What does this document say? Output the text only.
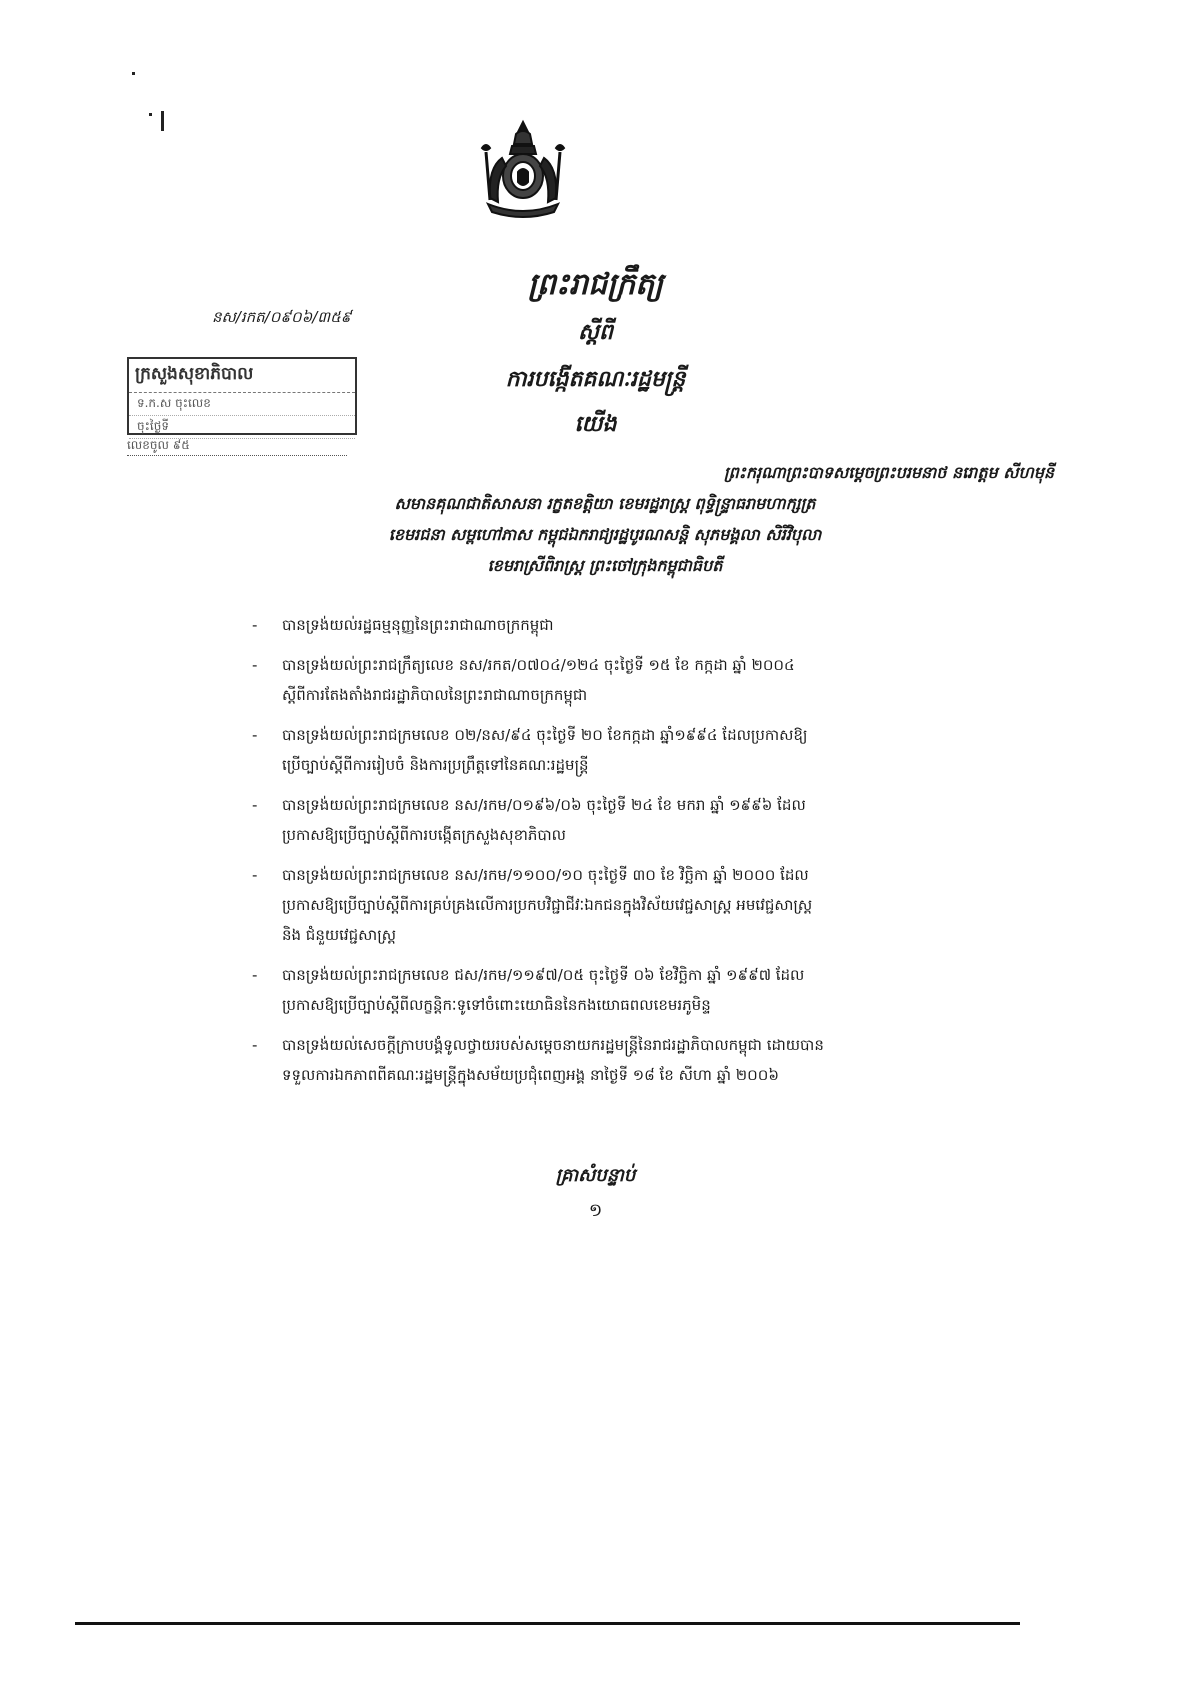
ព្រះរាជក្រឹត្យ
ស្តីពី
ការបង្កើតគណៈរដ្ឋមន្ត្រី
យើង
នស/រកត/០៩០៦/៣៥៩
ក្រសួងសុខាភិបាល
ទ.ក.ស ចុះលេខ
ចុះថ្ងៃទី
លេខចូល ៩៥
ព្រះករុណាព្រះបាទសម្តេចព្រះបរមនាថ នរោត្តម សីហមុនី
សមានគុណជាតិសាសនា រក្ខតខត្តិយា ខេមរដ្ឋរាស្ត្រ ពុទ្ធិន្ទ្រាធរាមហាក្សត្រ
ខេមរជនា សម្ពហៅភាស កម្ពុជឯករាជ្យរដ្ឋបូរណសន្តិ សុភមង្គលា សិរីវិបុលា
ខេមរាស្រីពិរាស្ត្រ ព្រះចៅក្រុងកម្ពុជាធិបតី
- បានទ្រង់យល់រដ្ឋធម្មនុញ្ញនៃព្រះរាជាណាចក្រកម្ពុជា
- បានទ្រង់យល់ព្រះរាជក្រឹត្យលេខ នស/រកត/០៧០៤/១២៤ ចុះថ្ងៃទី ១៥ ខែ កក្កដា ឆ្នាំ ២០០៤
ស្តីពីការតែងតាំងរាជរដ្ឋាភិបាលនៃព្រះរាជាណាចក្រកម្ពុជា
- បានទ្រង់យល់ព្រះរាជក្រមលេខ ០២/នស/៩៤ ចុះថ្ងៃទី ២០ ខែកក្កដា ឆ្នាំ១៩៩៤ ដែលប្រកាសឱ្យ
ប្រើច្បាប់ស្តីពីការរៀបចំ និងការប្រព្រឹត្តទៅនៃគណៈរដ្ឋមន្ត្រី
- បានទ្រង់យល់ព្រះរាជក្រមលេខ នស/រកម/០១៩៦/០៦ ចុះថ្ងៃទី ២៤ ខែ មករា ឆ្នាំ ១៩៩៦ ដែល
ប្រកាសឱ្យប្រើច្បាប់ស្តីពីការបង្កើតក្រសួងសុខាភិបាល
- បានទ្រង់យល់ព្រះរាជក្រមលេខ នស/រកម/១១០០/១០ ចុះថ្ងៃទី ៣០ ខែ វិច្ឆិកា ឆ្នាំ ២០០០ ដែល
ប្រកាសឱ្យប្រើច្បាប់ស្តីពីការគ្រប់គ្រងលើការប្រកបវិជ្ជាជីវៈឯកជនក្នុងវិស័យវេជ្ជសាស្ត្រ អមវេជ្ជសាស្ត្រ
និង ជំនួយវេជ្ជសាស្ត្រ
- បានទ្រង់យល់ព្រះរាជក្រមលេខ ជស/រកម/១១៩៧/០៥ ចុះថ្ងៃទី ០៦ ខែវិច្ឆិកា ឆ្នាំ ១៩៩៧ ដែល
ប្រកាសឱ្យប្រើច្បាប់ស្តីពីលក្ខន្តិកៈទូទៅចំពោះយោធិននៃកងយោធពលខេមរភូមិន្ទ
- បានទ្រង់យល់សេចក្តីក្រាបបង្គំទូលថ្វាយរបស់សម្តេចនាយករដ្ឋមន្ត្រីនៃរាជរដ្ឋាភិបាលកម្ពុជា ដោយបាន
ទទួលការឯកភាពពីគណៈរដ្ឋមន្ត្រីក្នុងសម័យប្រជុំពេញអង្គ នាថ្ងៃទី ១៨ ខែ សីហា ឆ្នាំ ២០០៦
គ្រាសំបន្ទាប់
១
